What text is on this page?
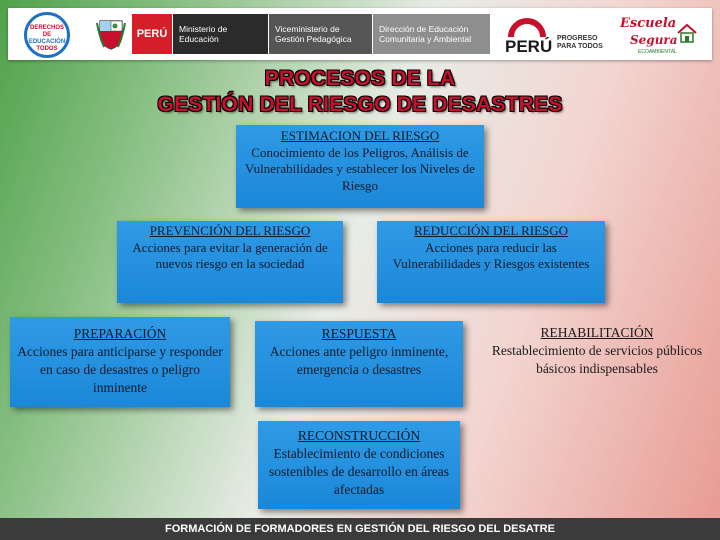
DERECHOS DE
EDUCACIÓN
TODOS
PERÚ	Ministerio de Educación
Viceministerio de Gestión Pedagógica
Dirección de Educación Comunitaria y Ambiental	PERÚ PROGRESO PARA TODOS
Escuela
Segura
ECOAMBIENTAL
PROCESOS DE LA
GESTIÓN DEL RIESGO DE DESASTRES
ESTIMACION DEL RIESGO
Conocimiento de los Peligros, Análisis de Vulnerabilidades y establecer los Niveles de Riesgo
PREVENCIÓN DEL RIESGO
Acciones para evitar la generación de nuevos riesgo en la sociedad
REDUCCIÓN DEL RIESGO
Acciones para reducir las Vulnerabilidades y Riesgos existentes
PREPARACIÓN
Acciones para anticiparse y responder en caso de desastres o peligro inminente
RESPUESTA
Acciones ante peligro inminente, emergencia o desastres
REHABILITACIÓN
Restablecimiento de servicios públicos básicos indispensables
RECONSTRUCCIÓN
Establecimiento de condiciones sostenibles de desarrollo en áreas afectadas
FORMACIÓN DE FORMADORES EN GESTIÓN DEL RIESGO DEL DESATRE
